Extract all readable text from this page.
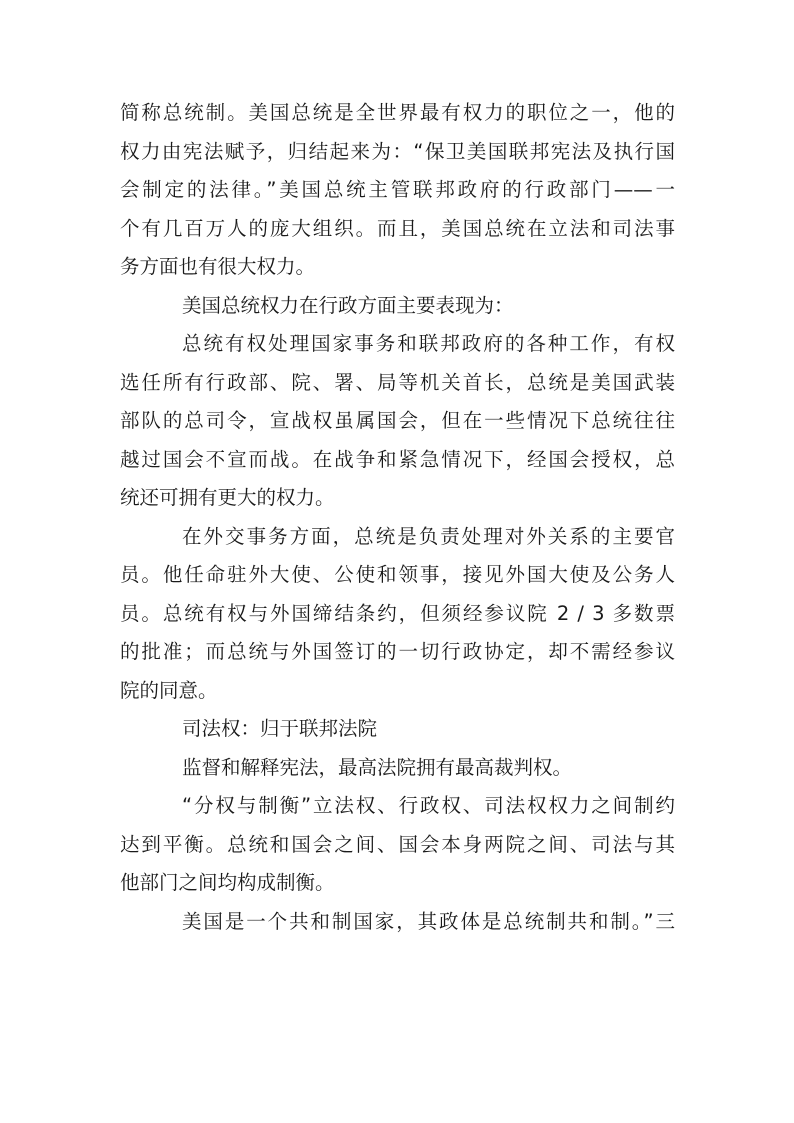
简称总统制。美国总统是全世界最有权力的职位之一，他的
权力由宪法赋予，归结起来为：“保卫美国联邦宪法及执行国
会制定的法律。”美国总统主管联邦政府的行政部门——一
个有几百万人的庞大组织。而且，美国总统在立法和司法事
务方面也有很大权力。
美国总统权力在行政方面主要表现为：
总统有权处理国家事务和联邦政府的各种工作，有权
选任所有行政部、院、署、局等机关首长，总统是美国武装
部队的总司令，宣战权虽属国会，但在一些情况下总统往往
越过国会不宣而战。在战争和紧急情况下，经国会授权，总
统还可拥有更大的权力。
在外交事务方面，总统是负责处理对外关系的主要官
员。他任命驻外大使、公使和领事，接见外国大使及公务人
员。总统有权与外国缔结条约，但须经参议院 2 / 3 多数票
的批准；而总统与外国签订的一切行政协定，却不需经参议
院的同意。
司法权：归于联邦法院
监督和解释宪法，最高法院拥有最高裁判权。
“分权与制衡”立法权、行政权、司法权权力之间制约
达到平衡。总统和国会之间、国会本身两院之间、司法与其
他部门之间均构成制衡。
美国是一个共和制国家，其政体是总统制共和制。”三
